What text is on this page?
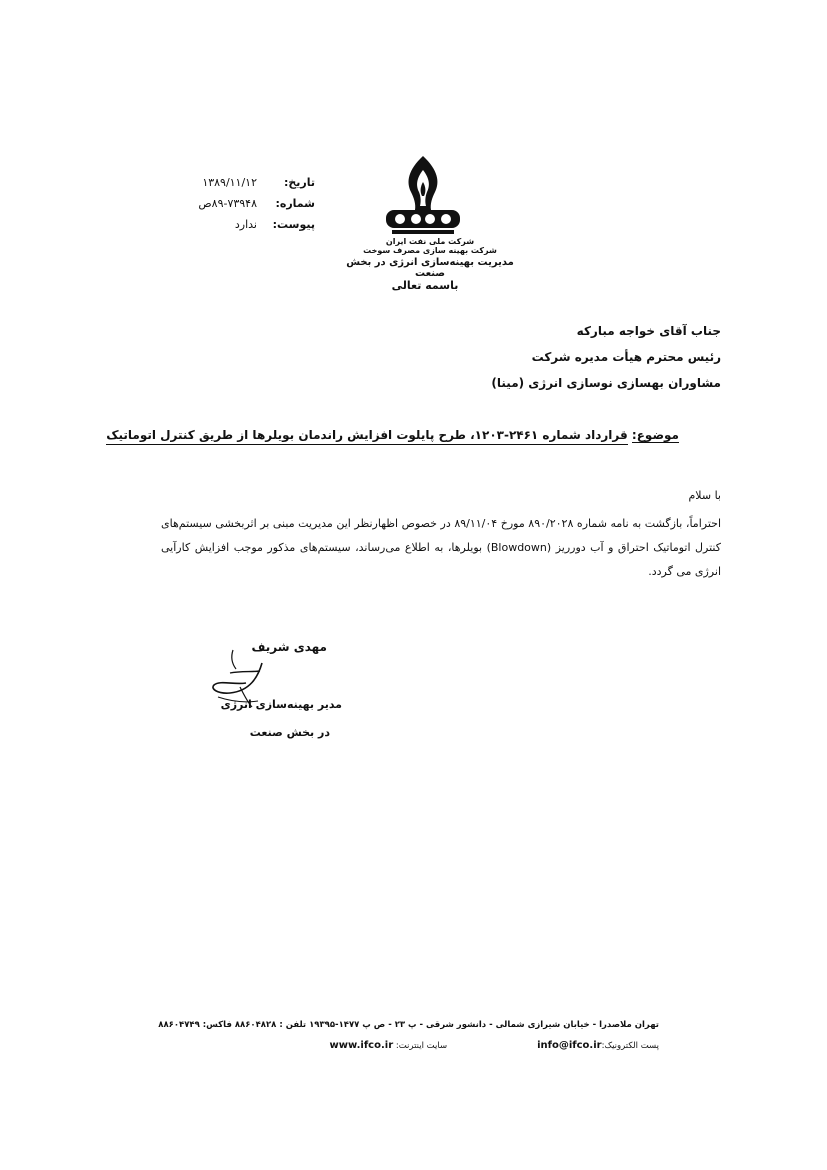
تاریخ:
۱۳۸۹/۱۱/۱۲
شماره:
۸۹-۷۳۹۴۸ص
پیوست:
ندارد
شرکت ملی نفت ایران
شرکت بهینه سازی مصرف سوخت
مدیریت بهینه‌سازی انرژی در بخش صنعت
باسمه تعالی
جناب آقای خواجه مبارکه
رئیس محترم هیأت مدیره شرکت
مشاوران بهسازی نوسازی انرژی (مینا)
موضوع: قرارداد شماره ۲۴۶۱-۱۲۰۳، طرح پایلوت افزایش راندمان بویلرها از طریق کنترل اتوماتیک
با سلام
احتراماً، بازگشت به نامه شماره ۸۹۰/۲۰۲۸ مورخ ۸۹/۱۱/۰۴ در خصوص اظهارنظر این مدیریت مبنی بر اثربخشی سیستم‌های کنترل اتوماتیک احتراق و آب دورریز (Blowdown) بویلرها، به اطلاع می‌رساند، سیستم‌های مذکور موجب افزایش کارآیی انرژی می گردد.
مهدی شریف
مدیر بهینه‌سازی انرژی
در بخش صنعت
تهران ملاصدرا - خیابان شیرازی شمالی - دانشور شرقی - پ ۲۳ - ص پ ۱۴۷۷-۱۹۳۹۵ تلفن : ۸۸۶۰۴۸۲۸ فاکس: ۸۸۶۰۴۷۴۹
پست الکترونیک:info@ifco.irسایت اینترنت: www.ifco.ir
